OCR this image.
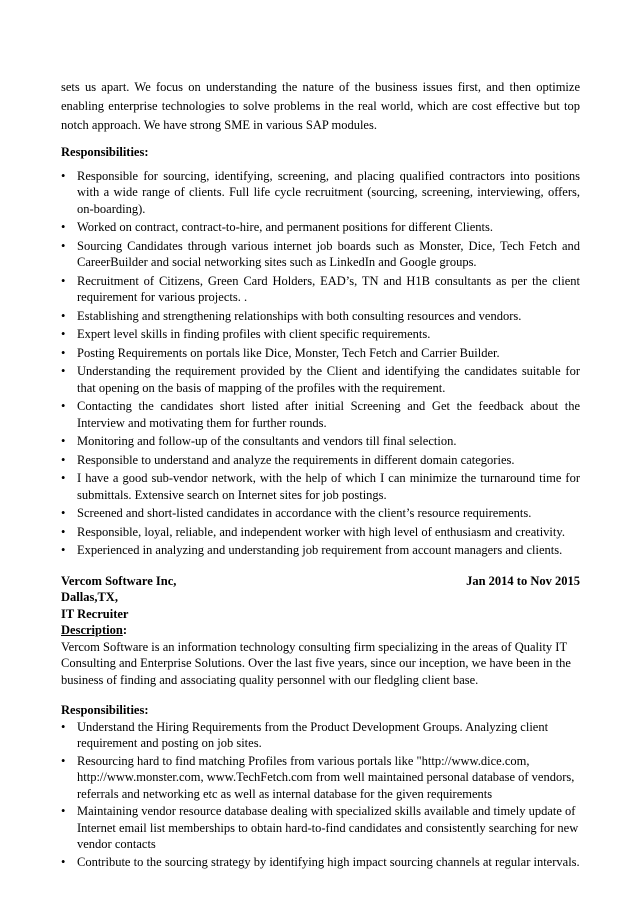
sets us apart. We focus on understanding the nature of the business issues first, and then optimize enabling enterprise technologies to solve problems in the real world, which are cost effective but top notch approach. We have strong SME in various SAP modules.

Responsibilities:

• Responsible for sourcing, identifying, screening, and placing qualified contractors into positions with a wide range of clients. Full life cycle recruitment (sourcing, screening, interviewing, offers, on-boarding).
• Worked on contract, contract-to-hire, and permanent positions for different Clients.
• Sourcing Candidates through various internet job boards such as Monster, Dice, Tech Fetch and CareerBuilder and social networking sites such as LinkedIn and Google groups.
• Recruitment of Citizens, Green Card Holders, EAD’s, TN and H1B consultants as per the client requirement for various projects. .
• Establishing and strengthening relationships with both consulting resources and vendors.
• Expert level skills in finding profiles with client specific requirements.
• Posting Requirements on portals like Dice, Monster, Tech Fetch and Carrier Builder.
• Understanding the requirement provided by the Client and identifying the candidates suitable for that opening on the basis of mapping of the profiles with the requirement.
• Contacting the candidates short listed after initial Screening and Get the feedback about the Interview and motivating them for further rounds.
• Monitoring and follow-up of the consultants and vendors till final selection.
• Responsible to understand and analyze the requirements in different domain categories.
• I have a good sub-vendor network, with the help of which I can minimize the turnaround time for submittals. Extensive search on Internet sites for job postings.
• Screened and short-listed candidates in accordance with the client’s resource requirements.
• Responsible, loyal, reliable, and independent worker with high level of enthusiasm and creativity.
• Experienced in analyzing and understanding job requirement from account managers and clients.
Vercom Software Inc,	Jan 2014 to Nov 2015

Dallas,TX,

IT Recruiter

Description:

Vercom Software is an information technology consulting firm specializing in the areas of Quality IT Consulting and Enterprise Solutions. Over the last five years, since our inception, we have been in the business of finding and associating quality personnel with our fledgling client base.

Responsibilities:

• Understand the Hiring Requirements from the Product Development Groups. Analyzing client requirement and posting on job sites.
• Resourcing hard to find matching Profiles from various portals like "http://www.dice.com, http://www.monster.com, www.TechFetch.com from well maintained personal database of vendors, referrals and networking etc as well as internal database for the given requirements
• Maintaining vendor resource database dealing with specialized skills available and timely update of Internet email list memberships to obtain hard-to-find candidates and consistently searching for new vendor contacts
• Contribute to the sourcing strategy by identifying high impact sourcing channels at regular intervals.
